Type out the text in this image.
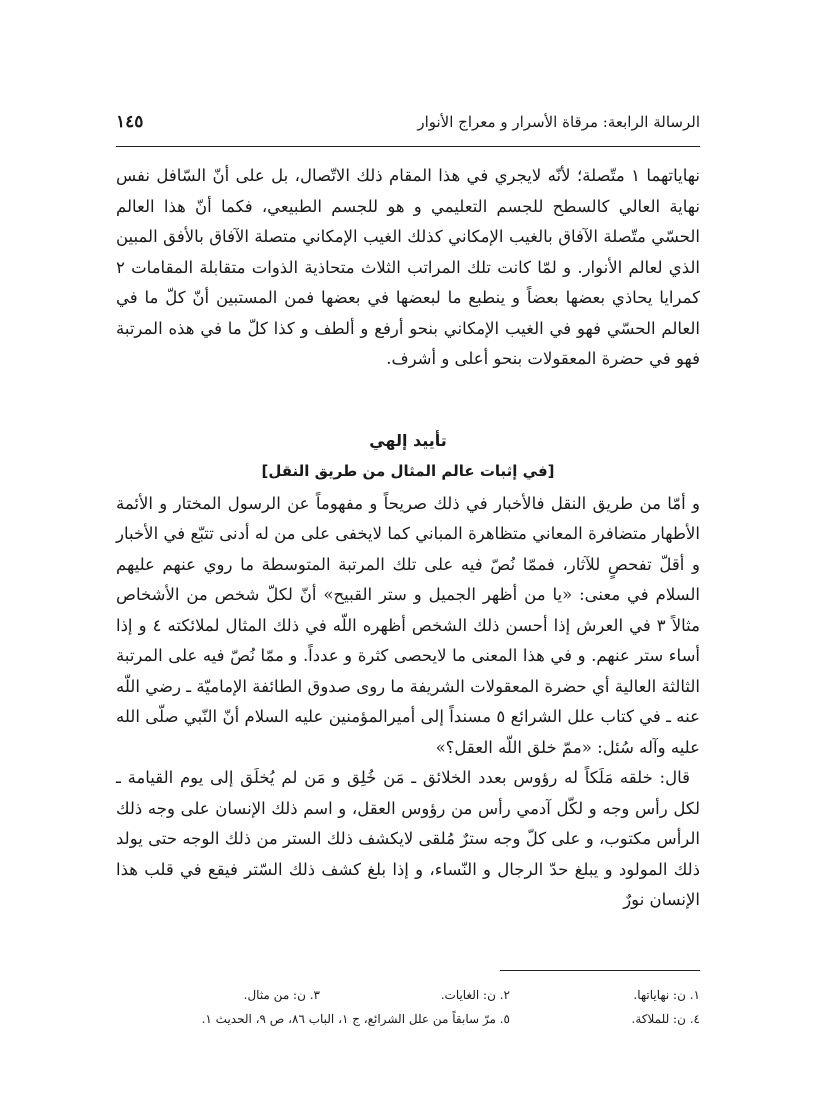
الرسالة الرابعة: مرقاة الأسرار و معراج الأنوار
١٤٥

نهاياتهما ١ متّصلة؛ لأنّه لايجري في هذا المقام ذلك الاتّصال، بل على أنّ السّافل نفس نهاية العالي كالسطح للجسم التعليمي و هو للجسم الطبيعي، فكما أنّ هذا العالم الحسّي متّصلة الآفاق بالغيب الإمكاني كذلك الغيب الإمكاني متصلة الآفاق بالأفق المبين الذي لعالم الأنوار. و لمّا كانت تلك المراتب الثلاث متحاذية الذوات متقابلة المقامات ٢ كمرايا يحاذي بعضها بعضاً و ينطبع ما لبعضها في بعضها فمن المستبين أنّ كلّ ما في العالم الحسّي فهو في الغيب الإمكاني بنحو أرفع و ألطف و كذا كلّ ما في هذه المرتبة فهو في حضرة المعقولات بنحو أعلى و أشرف.

تأييد إلهي
[في إثبات عالم المثال من طريق النقل]

و أمّا من طريق النقل فالأخبار في ذلك صريحاً و مفهوماً عن الرسول المختار و الأئمة الأطهار متضافرة المعاني متظاهرة المباني كما لايخفى على من له أدنى تتبّع في الأخبار و أقلّ تفحصٍ للآثار، فممّا نُصّ فيه على تلك المرتبة المتوسطة ما روي عنهم عليهم السلام في معنى: «يا من أظهر الجميل و ستر القبيح» أنّ لكلّ شخص من الأشخاص مثالاً ٣ في العرش إذا أحسن ذلك الشخص أظهره اللّه في ذلك المثال لملائكته ٤ و إذا أساء ستر عنهم. و في هذا المعنى ما لايحصى كثرة و عدداً. و ممّا نُصّ فيه على المرتبة الثالثة العالية أي حضرة المعقولات الشريفة ما روى صدوق الطائفة الإماميّة ـ رضي اللّه عنه ـ في كتاب علل الشرائع ٥ مسنداً إلى أميرالمؤمنين عليه السلام أنّ النّبي صلّى الله عليه وآله سُئل: «ممّ خلق اللّه العقل؟»

قال: خلقه مَلَكاً له رؤوس بعدد الخلائق ـ مَن خُلِق و مَن لم يُخلَق إلى يوم القيامة ـ لكل رأس وجه و لكّل آدمي رأس من رؤوس العقل، و اسم ذلك الإنسان على وجه ذلك الرأس مكتوب، و على كلّ وجه سترٌ مُلقى لايكشف ذلك الستر من ذلك الوجه حتى يولد ذلك المولود و يبلغ حدّ الرجال و النّساء، و إذا بلغ كشف ذلك السّتر فيقع في قلب هذا الإنسان نورٌ

١. ن: نهاياتها.
٢. ن: الغايات.
٣. ن: من مثال.
٤. ن: للملاكة.
٥. مرّ سابقاً من علل الشرائع، ج ١، الباب ٨٦، ص ٩، الحديث ١.
